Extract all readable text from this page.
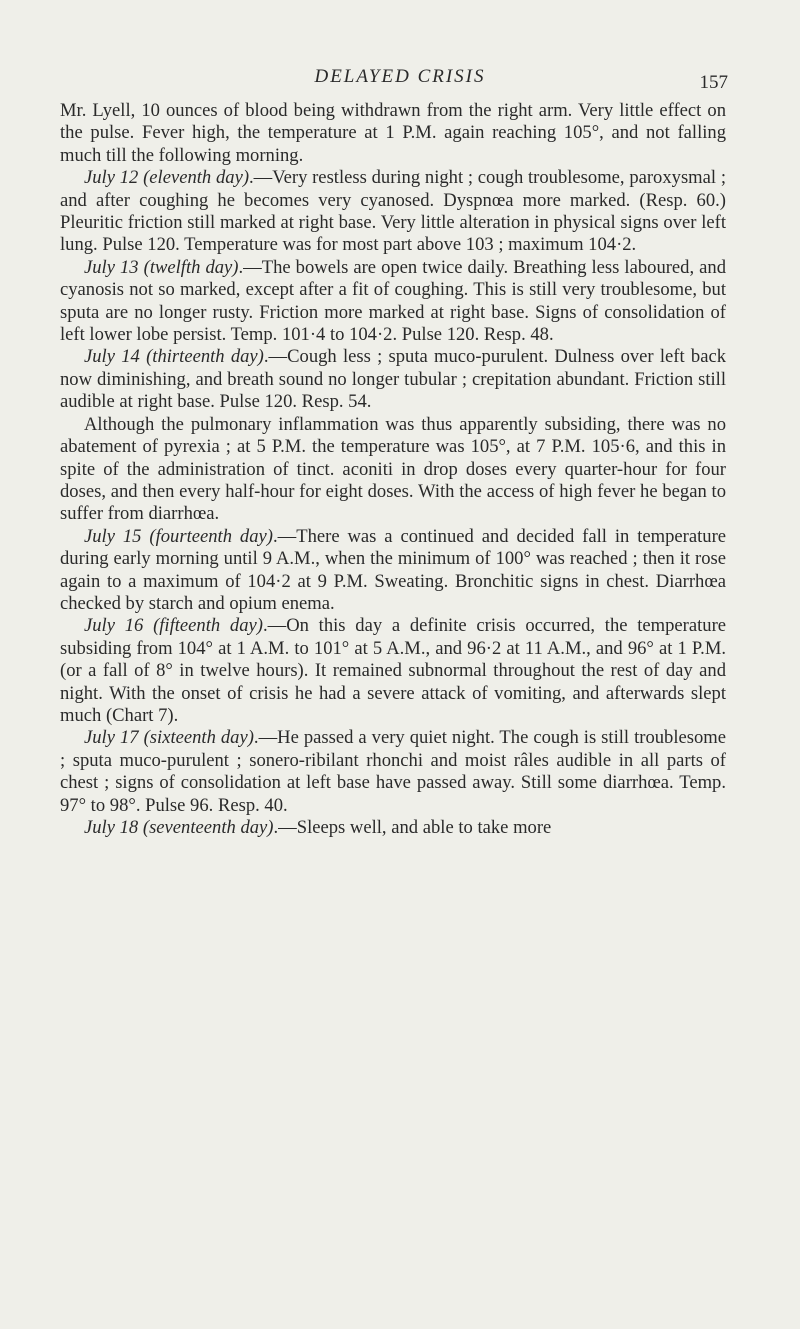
DELAYED CRISIS	157

Mr. Lyell, 10 ounces of blood being withdrawn from the right arm. Very little effect on the pulse. Fever high, the temperature at 1 P.M. again reaching 105°, and not falling much till the following morning.

July 12 (eleventh day).—Very restless during night ; cough troublesome, paroxysmal ; and after coughing he becomes very cyanosed. Dyspnœa more marked. (Resp. 60.) Pleuritic friction still marked at right base. Very little alteration in physical signs over left lung. Pulse 120. Temperature was for most part above 103 ; maximum 104·2.

July 13 (twelfth day).—The bowels are open twice daily. Breathing less laboured, and cyanosis not so marked, except after a fit of coughing. This is still very troublesome, but sputa are no longer rusty. Friction more marked at right base. Signs of consolidation of left lower lobe persist. Temp. 101·4 to 104·2. Pulse 120. Resp. 48.

July 14 (thirteenth day).—Cough less ; sputa muco-purulent. Dulness over left back now diminishing, and breath sound no longer tubular ; crepitation abundant. Friction still audible at right base. Pulse 120. Resp. 54.

Although the pulmonary inflammation was thus apparently subsiding, there was no abatement of pyrexia ; at 5 P.M. the temperature was 105°, at 7 P.M. 105·6, and this in spite of the administration of tinct. aconiti in drop doses every quarter-hour for four doses, and then every half-hour for eight doses. With the access of high fever he began to suffer from diarrhœa.

July 15 (fourteenth day).—There was a continued and decided fall in temperature during early morning until 9 A.M., when the minimum of 100° was reached ; then it rose again to a maximum of 104·2 at 9 P.M. Sweating. Bronchitic signs in chest. Diarrhœa checked by starch and opium enema.

July 16 (fifteenth day).—On this day a definite crisis occurred, the temperature subsiding from 104° at 1 A.M. to 101° at 5 A.M., and 96·2 at 11 A.M., and 96° at 1 P.M. (or a fall of 8° in twelve hours). It remained subnormal throughout the rest of day and night. With the onset of crisis he had a severe attack of vomiting, and afterwards slept much (Chart 7).

July 17 (sixteenth day).—He passed a very quiet night. The cough is still troublesome ; sputa muco-purulent ; sonero-ribilant rhonchi and moist râles audible in all parts of chest ; signs of consolidation at left base have passed away. Still some diarrhœa. Temp. 97° to 98°. Pulse 96. Resp. 40.

July 18 (seventeenth day).—Sleeps well, and able to take more
